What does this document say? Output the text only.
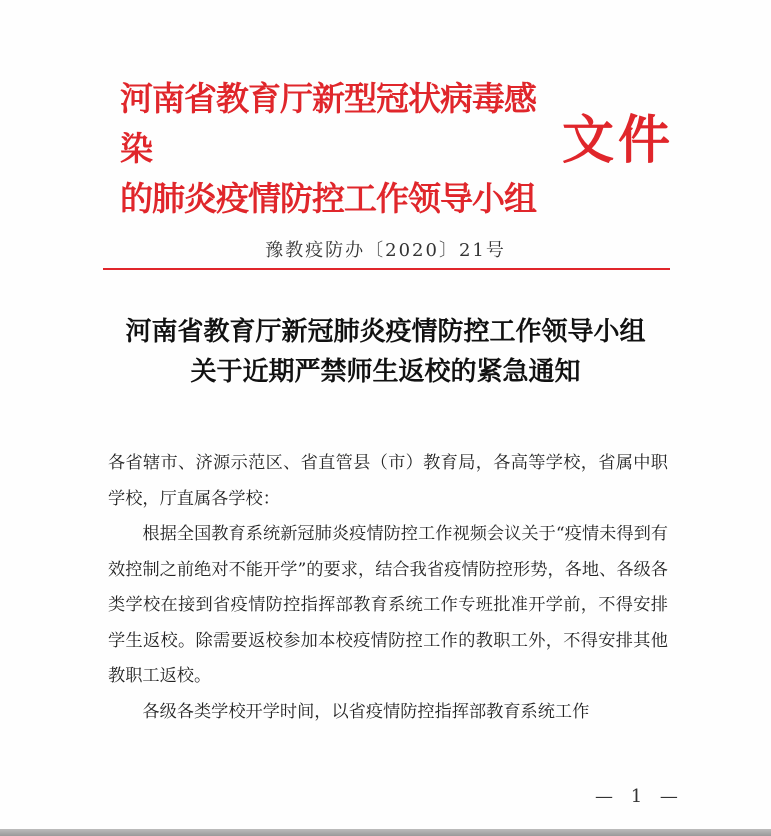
河南省教育厅新型冠状病毒感染
的肺炎疫情防控工作领导小组
文件
豫教疫防办〔2020〕21号
河南省教育厅新冠肺炎疫情防控工作领导小组
关于近期严禁师生返校的紧急通知

各省辖市、济源示范区、省直管县（市）教育局，各高等学校，省属中职学校，厅直属各学校：

根据全国教育系统新冠肺炎疫情防控工作视频会议关于“疫情未得到有效控制之前绝对不能开学”的要求，结合我省疫情防控形势，各地、各级各类学校在接到省疫情防控指挥部教育系统工作专班批准开学前，不得安排学生返校。除需要返校参加本校疫情防控工作的教职工外，不得安排其他教职工返校。

各级各类学校开学时间，以省疫情防控指挥部教育系统工作

— 1 —
